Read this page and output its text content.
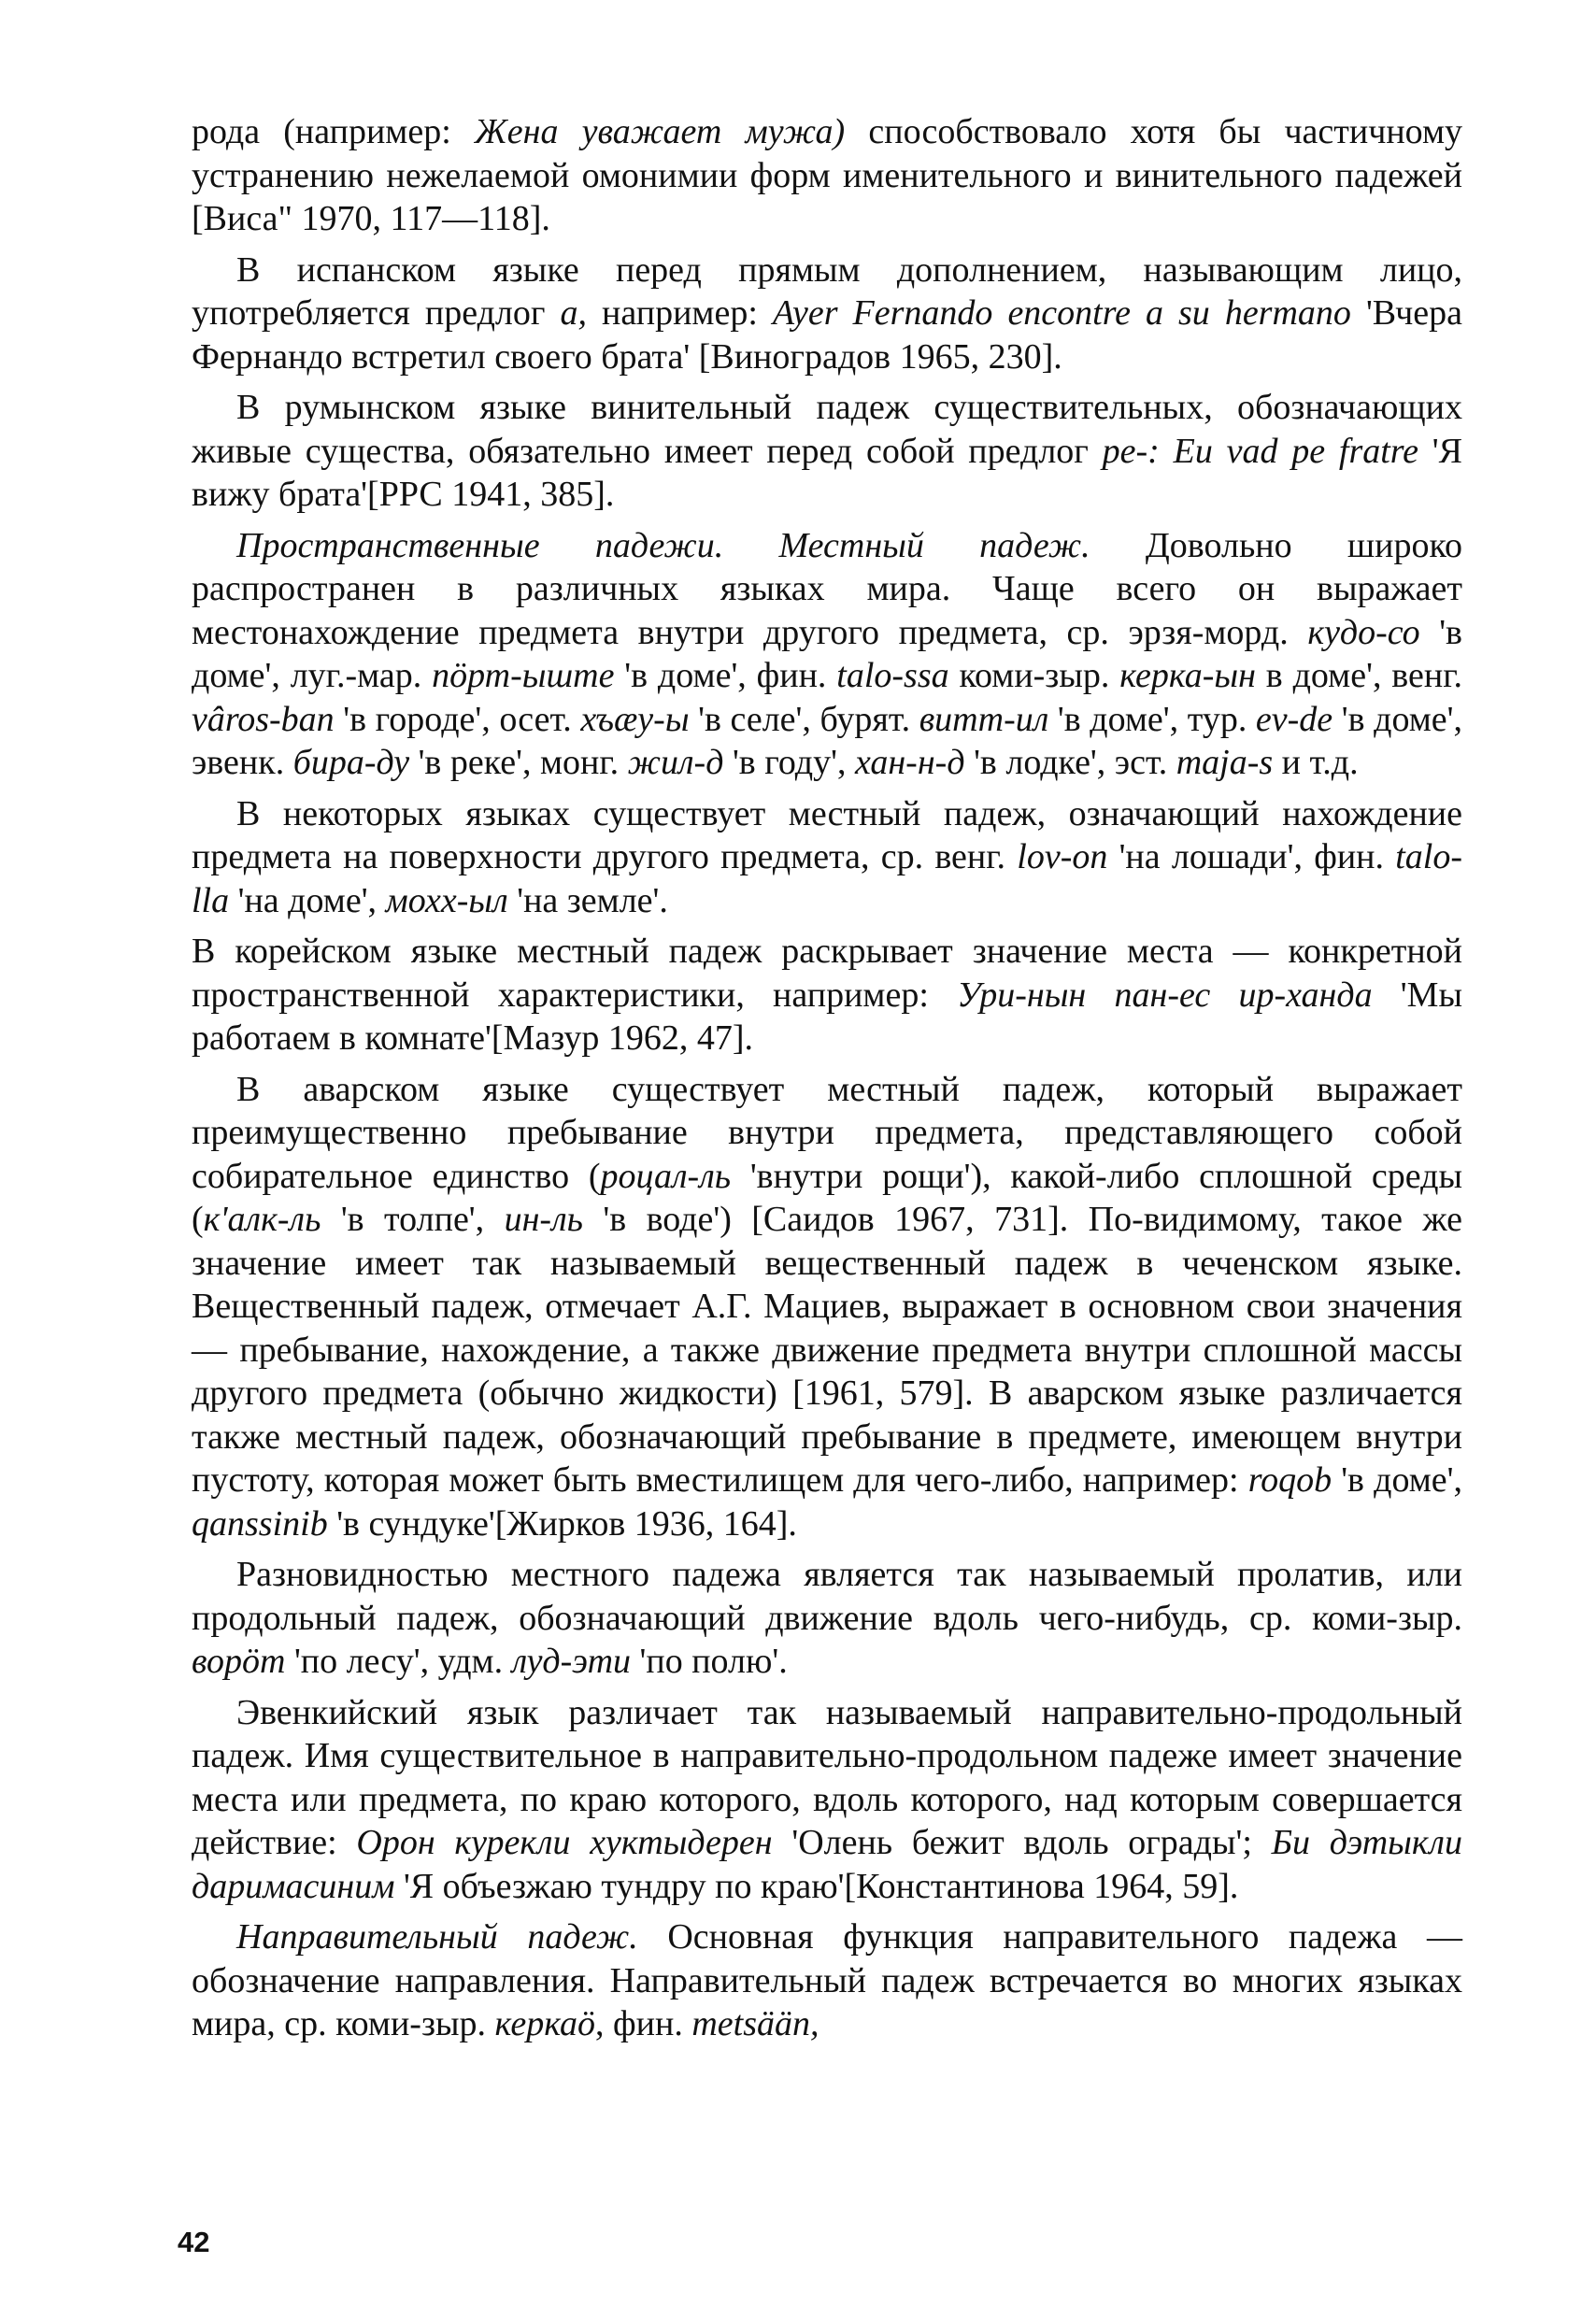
рода (например: Жена уважает мужа) способствовало хотя бы частичному устранению нежелаемой омонимии форм именительного и винительного падежей [Виса" 1970, 117—118].

В испанском языке перед прямым дополнением, называющим лицо, употребляется предлог a, например: Ayer Fernando encontre a su hermano 'Вчера Фернандо встретил своего брата' [Виноградов 1965, 230].

В румынском языке винительный падеж существительных, обозначающих живые существа, обязательно имеет перед собой предлог pe-: Eu vad pe fratre 'Я вижу брата'[РРС 1941, 385].

Пространственные падежи. Местный падеж. Довольно широко распространен в различных языках мира. Чаще всего он выражает местонахождение предмета внутри другого предмета, ср. эрзя-морд. кудо-со 'в доме', луг.-мар. пӧрт-ыште 'в доме', фин. talo-ssa коми-зыр. керка-ын в доме', венг. vâros-ban 'в городе', осет. хъæу-ы 'в селе', бурят. витт-ил 'в доме', тур. ev-de 'в доме', эвенк. бира-ду 'в реке', монг. жил-д 'в году', хан-н-д 'в лодке', эст. maja-s и т.д.

В некоторых языках существует местный падеж, означающий нахождение предмета на поверхности другого предмета, ср. венг. lov-on 'на лошади', фин. talo-lla 'на доме', мохх-ыл 'на земле'.

В корейском языке местный падеж раскрывает значение места — конкретной пространственной характеристики, например: Ури-нын пан-ес ир-ханда 'Мы работаем в комнате'[Мазур 1962, 47].

В аварском языке существует местный падеж, который выражает преимущественно пребывание внутри предмета, представляющего собой собирательное единство (роцал-ль 'внутри рощи'), какой-либо сплошной среды (к'алк-ль 'в толпе', ин-ль 'в воде') [Саидов 1967, 731]. По-видимому, такое же значение имеет так называемый вещественный падеж в чеченском языке. Вещественный падеж, отмечает А.Г. Мациев, выражает в основном свои значения — пребывание, нахождение, а также движение предмета внутри сплошной массы другого предмета (обычно жидкости) [1961, 579]. В аварском языке различается также местный падеж, обозначающий пребывание в предмете, имеющем внутри пустоту, которая может быть вместилищем для чего-либо, например: roqob 'в доме', qanssinib 'в сундуке'[Жирков 1936, 164].

Разновидностью местного падежа является так называемый пролатив, или продольный падеж, обозначающий движение вдоль чего-нибудь, ср. коми-зыр. ворӧт 'по лесу', удм. луд-эти 'по полю'.

Эвенкийский язык различает так называемый направительно-продольный падеж. Имя существительное в направительно-продольном падеже имеет значение места или предмета, по краю которого, вдоль которого, над которым совершается действие: Орон курекли хуктыдерен 'Олень бежит вдоль ограды'; Би дэтыкли даримасиним 'Я объезжаю тундру по краю'[Константинова 1964, 59].

Направительный падеж. Основная функция направительного падежа — обозначение направления. Направительный падеж встречается во многих языках мира, ср. коми-зыр. керкаӧ, фин. metsään,

42
